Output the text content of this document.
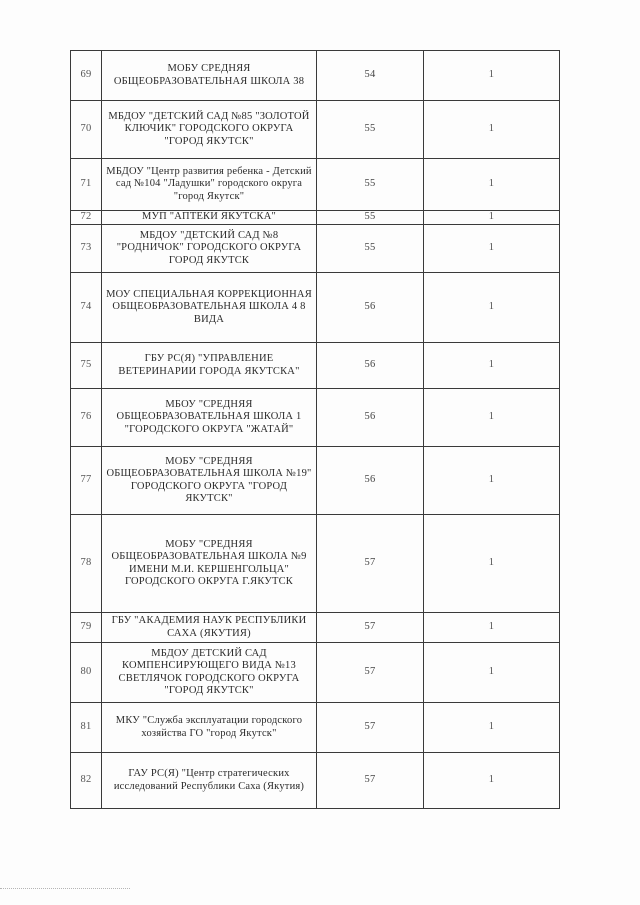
69	МОБУ СРЕДНЯЯ ОБЩЕОБРАЗОВАТЕЛЬНАЯ ШКОЛА 38	54	1
70	МБДОУ "ДЕТСКИЙ САД №85 "ЗОЛОТОЙ КЛЮЧИК" ГОРОДСКОГО ОКРУГА "ГОРОД ЯКУТСК"	55	1
71	МБДОУ "Центр развития ребенка - Детский сад №104 "Ладушки" городского округа "город Якутск"	55	1
72	МУП "АПТЕКИ ЯКУТСКА"	55	1
73	МБДОУ "ДЕТСКИЙ САД №8 "РОДНИЧОК" ГОРОДСКОГО ОКРУГА ГОРОД ЯКУТСК	55	1
74	МОУ СПЕЦИАЛЬНАЯ КОРРЕКЦИОННАЯ ОБЩЕОБРАЗОВАТЕЛЬНАЯ ШКОЛА 4 8 ВИДА	56	1
75	ГБУ РС(Я) "УПРАВЛЕНИЕ ВЕТЕРИНАРИИ ГОРОДА ЯКУТСКА"	56	1
76	МБОУ "СРЕДНЯЯ ОБЩЕОБРАЗОВАТЕЛЬНАЯ ШКОЛА 1 "ГОРОДСКОГО ОКРУГА "ЖАТАЙ"	56	1
77	МОБУ "СРЕДНЯЯ ОБЩЕОБРАЗОВАТЕЛЬНАЯ ШКОЛА №19" ГОРОДСКОГО ОКРУГА "ГОРОД ЯКУТСК"	56	1
78	МОБУ "СРЕДНЯЯ ОБЩЕОБРАЗОВАТЕЛЬНАЯ ШКОЛА №9 ИМЕНИ М.И. КЕРШЕНГОЛЬЦА" ГОРОДСКОГО ОКРУГА Г.ЯКУТСК	57	1
79	ГБУ "АКАДЕМИЯ НАУК РЕСПУБЛИКИ САХА (ЯКУТИЯ)	57	1
80	МБДОУ ДЕТСКИЙ САД КОМПЕНСИРУЮЩЕГО ВИДА №13 СВЕТЛЯЧОК ГОРОДСКОГО ОКРУГА "ГОРОД ЯКУТСК"	57	1
81	МКУ "Служба эксплуатации городского хозяйства ГО "город Якутск"	57	1
82	ГАУ РС(Я) "Центр стратегических исследований Республики Саха (Якутия)	57	1
